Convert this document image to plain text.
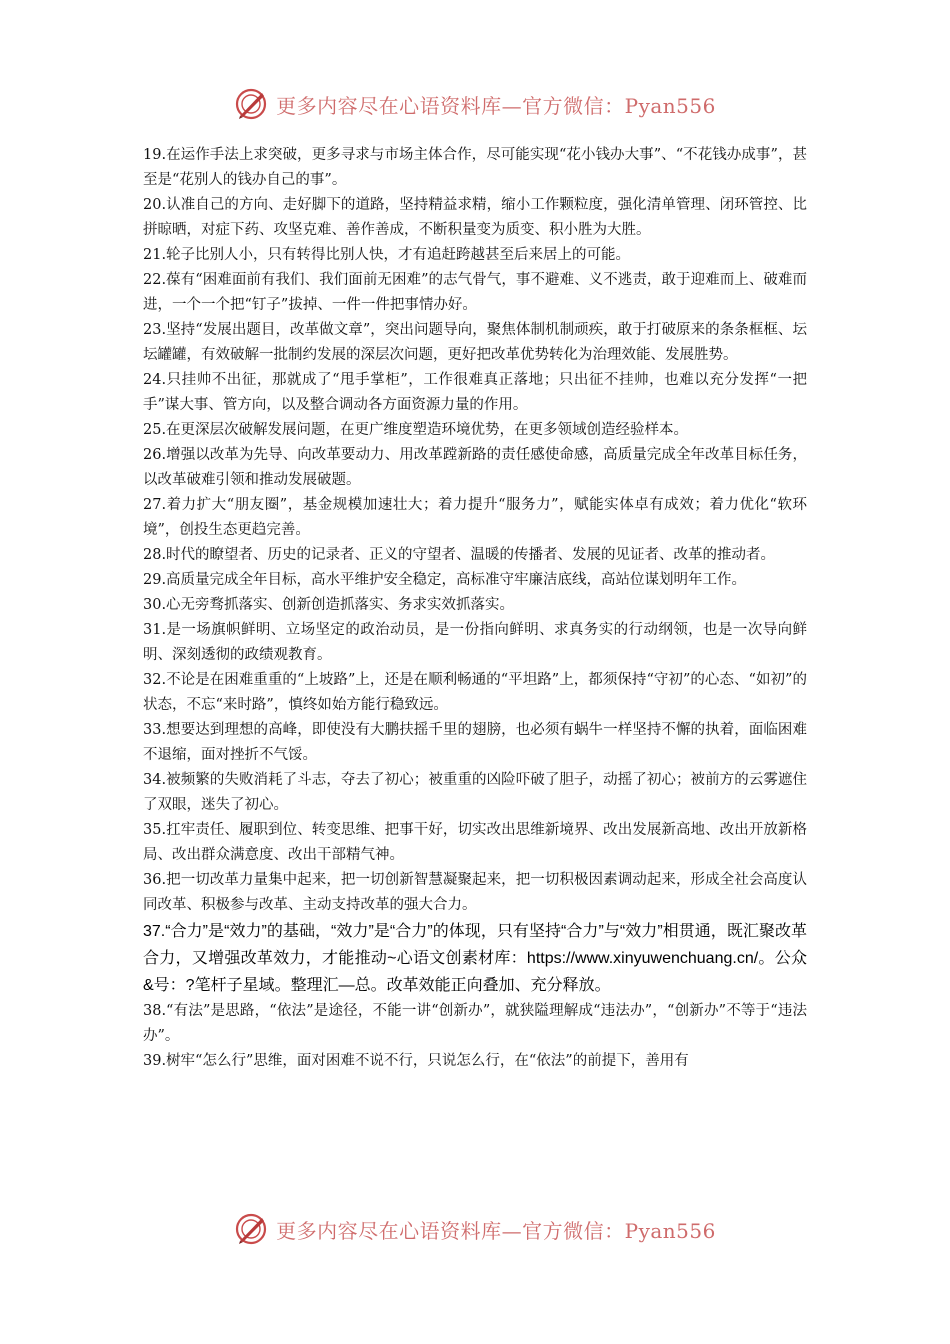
更多内容尽在心语资料库—官方微信：Pyan556

19.在运作手法上求突破，更多寻求与市场主体合作，尽可能实现“花小钱办大事”、“不花钱办成事”，甚至是“花别人的钱办自己的事”。

20.认准自己的方向、走好脚下的道路，坚持精益求精，缩小工作颗粒度，强化清单管理、闭环管控、比拼晾晒，对症下药、攻坚克难、善作善成，不断积量变为质变、积小胜为大胜。

21.轮子比别人小，只有转得比别人快，才有追赶跨越甚至后来居上的可能。

22.葆有“困难面前有我们、我们面前无困难”的志气骨气，事不避难、义不逃责，敢于迎难而上、破难而进，一个一个把“钉子”拔掉、一件一件把事情办好。

23.坚持“发展出题目，改革做文章”，突出问题导向，聚焦体制机制顽疾，敢于打破原来的条条框框、坛坛罐罐，有效破解一批制约发展的深层次问题，更好把改革优势转化为治理效能、发展胜势。

24.只挂帅不出征，那就成了“甩手掌柜”，工作很难真正落地；只出征不挂帅，也难以充分发挥“一把手”谋大事、管方向，以及整合调动各方面资源力量的作用。

25.在更深层次破解发展问题，在更广维度塑造环境优势，在更多领域创造经验样本。

26.增强以改革为先导、向改革要动力、用改革蹚新路的责任感使命感，高质量完成全年改革目标任务，以改革破难引领和推动发展破题。

27.着力扩大“朋友圈”，基金规模加速壮大；着力提升“服务力”，赋能实体卓有成效；着力优化“软环境”，创投生态更趋完善。

28.时代的瞭望者、历史的记录者、正义的守望者、温暖的传播者、发展的见证者、改革的推动者。

29.高质量完成全年目标，高水平维护安全稳定，高标准守牢廉洁底线，高站位谋划明年工作。

30.心无旁骛抓落实、创新创造抓落实、务求实效抓落实。

31.是一场旗帜鲜明、立场坚定的政治动员，是一份指向鲜明、求真务实的行动纲领，也是一次导向鲜明、深刻透彻的政绩观教育。

32.不论是在困难重重的“上坡路”上，还是在顺利畅通的“平坦路”上，都须保持“守初”的心态、“如初”的状态，不忘“来时路”，慎终如始方能行稳致远。

33.想要达到理想的高峰，即使没有大鹏扶摇千里的翅膀，也必须有蜗牛一样坚持不懈的执着，面临困难不退缩，面对挫折不气馁。

34.被频繁的失败消耗了斗志，夺去了初心；被重重的凶险吓破了胆子，动摇了初心；被前方的云雾遮住了双眼，迷失了初心。

35.扛牢责任、履职到位、转变思维、把事干好，切实改出思维新境界、改出发展新高地、改出开放新格局、改出群众满意度、改出干部精气神。

36.把一切改革力量集中起来，把一切创新智慧凝聚起来，把一切积极因素调动起来，形成全社会高度认同改革、积极参与改革、主动支持改革的强大合力。

37.“合力”是“效力”的基础，“效力”是“合力”的体现，只有坚持“合力”与“效力”相贯通，既汇聚改革合力，又增强改革效力，才能推动~心语文创素材库：https://www.xinyuwenchuang.cn/。公众&号：?笔杆子星域。整理汇—总。改革效能正向叠加、充分释放。

38.“有法”是思路，“依法”是途径，不能一讲“创新办”，就狭隘理解成“违法办”，“创新办”不等于“违法办”。

39.树牢“怎么行”思维，面对困难不说不行，只说怎么行，在“依法”的前提下，善用有

更多内容尽在心语资料库—官方微信：Pyan556
